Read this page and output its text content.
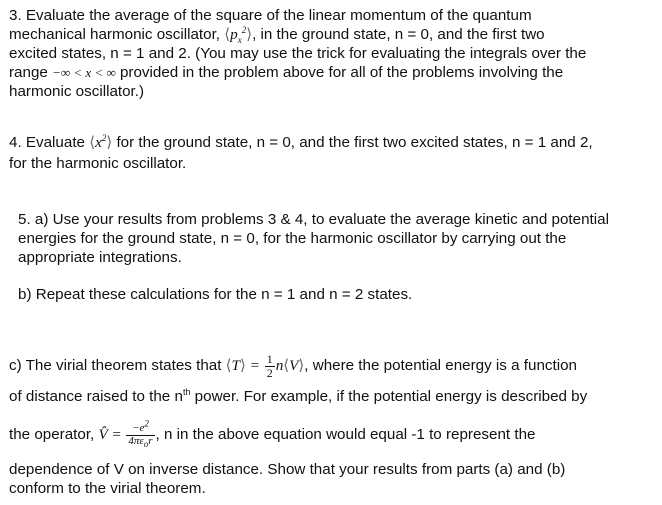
3. Evaluate the average of the square of the linear momentum of the quantum

mechanical harmonic oscillator, $⟨p_x^2⟩$, in the ground state, n = 0, and the first two

excited states, n = 1 and 2. (You may use the trick for evaluating the integrals over the

range −∞ < x < ∞ provided in the problem above for all of the problems involving the

harmonic oscillator.)

4. Evaluate $⟨x^2⟩$ for the ground state, n = 0, and the first two excited states, n = 1 and 2,

for the harmonic oscillator.

5. a) Use your results from problems 3 & 4, to evaluate the average kinetic and potential

energies for the ground state, n = 0, for the harmonic oscillator by carrying out the

appropriate integrations.

b) Repeat these calculations for the n = 1 and n = 2 states.

c) The virial theorem states that ⟨T⟩ = $\frac{1}{2}$ n⟨V⟩, where the potential energy is a function

of distance raised to the $n^{th}$ power. For example, if the potential energy is described by

the operator, V̂ = $\frac{-e^2}{4\pi\varepsilon_or}$ , n in the above equation would equal -1 to represent the

dependence of V on inverse distance. Show that your results from parts (a) and (b)

conform to the virial theorem.
